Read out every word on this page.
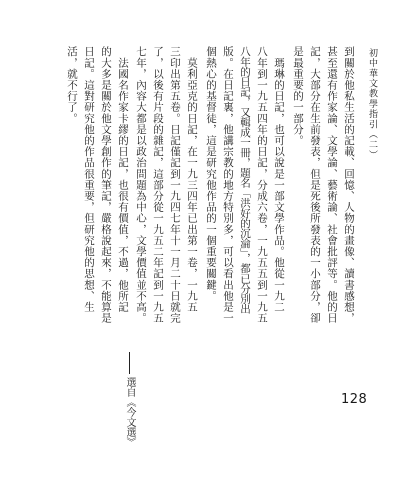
初中華文教學指引（二）
到關於他私生活的記載、回憶、人物的畫像、讀書感想，
甚至還有作家論、文學論、藝術論、社會批評等。他的日
記，大部分在生前發表，但是死後所發表的一小部分，卻
是最重要的一部分。
　瑪琳的日記，也可以說是一部文學作品。他從一九二
八年到一九五四年的日記，分成六卷，一九五五到一九五
八年的日記，又輯成一冊，題名「洪好的沉淪」，都已分別出
版。在日記裏，他講宗教的地方特別多，可以看出他是一
個熱心的基督徒，這是研究他作品的一個重要關鍵。
　莫利亞克的日記，在一九三四年已出第一卷，一九五
三印出第五卷。日記僅記到一九四七年十一月二十日就完
了，以後有片段的雜記，這部分從一九五二年記到一九五
七年，內容大都是以政治問題為中心，文學價值並不高。
　法國名作家卡繆的日記，也很有價值，不過，他所記
的大多是關於他文學創作的筆記，嚴格說起來，不能算是
日記。這對研究他的作品很重要，但研究他的思想、生
活，就不行了。
選自《今文選》	128
